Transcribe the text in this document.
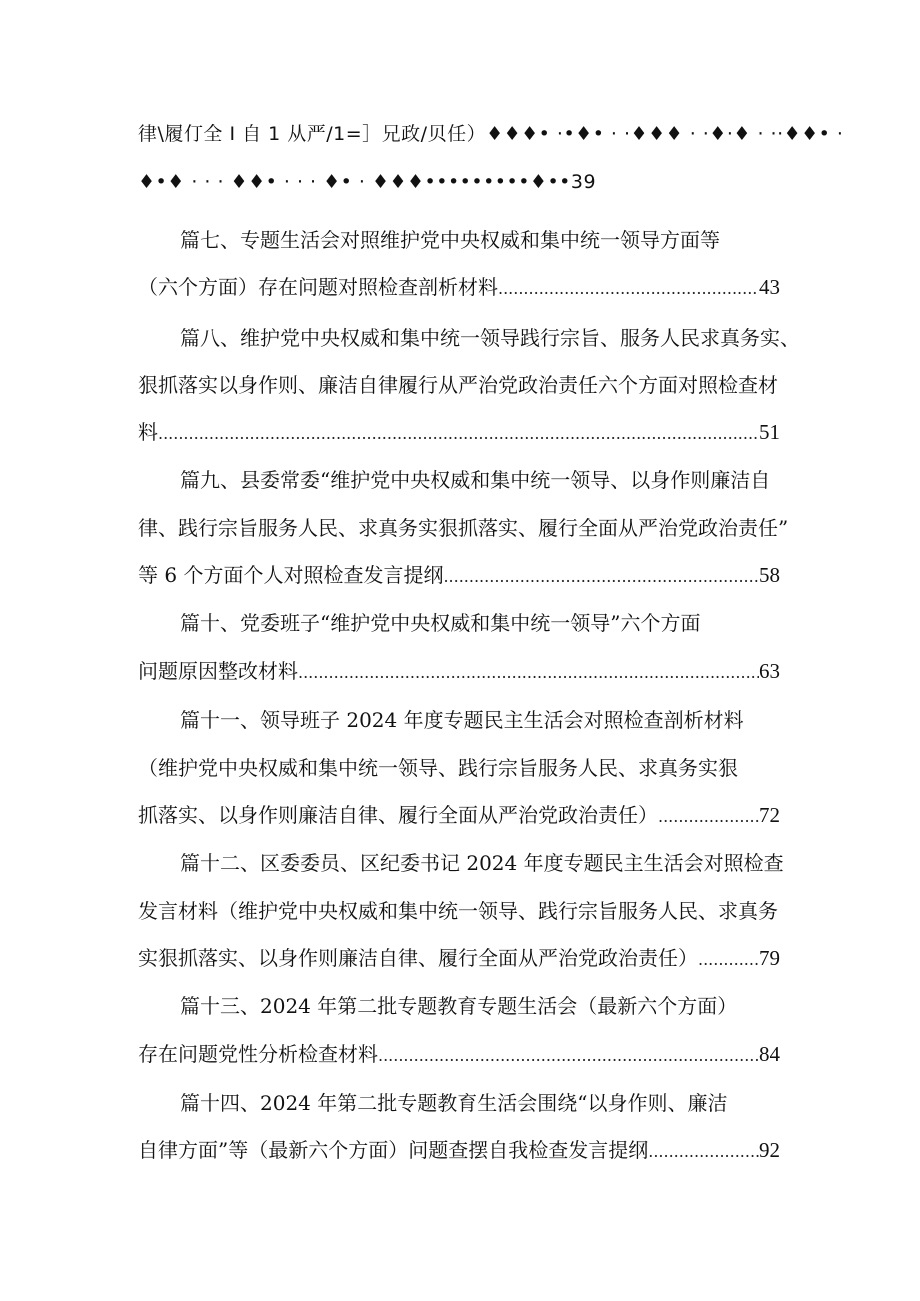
律\履仃全 I 自 1 从严/1=］兄政/贝任）♦♦♦• ·•♦• · ·♦♦♦ · ·♦·♦ · ··♦♦• ·
♦•♦ · · · ♦♦• · · · ♦• · ♦♦♦•••••••••♦••39
篇七、专题生活会对照维护党中央权威和集中统一领导方面等
（六个方面）存在问题对照检查剖析材料 .....	43
篇八、维护党中央权威和集中统一领导践行宗旨、服务人民求真务实、
狠抓落实以身作则、廉洁自律履行从严治党政治责任六个方面对照检查材
料 .....	51
篇九、县委常委“维护党中央权威和集中统一领导、以身作则廉洁自
律、践行宗旨服务人民、求真务实狠抓落实、履行全面从严治党政治责任”
等 6 个方面个人对照检查发言提纲 .....	58
篇十、党委班子“维护党中央权威和集中统一领导”六个方面
问题原因整改材料 .....	63
篇十一、领导班子 2024 年度专题民主生活会对照检查剖析材料
（维护党中央权威和集中统一领导、践行宗旨服务人民、求真务实狠
抓落实、以身作则廉洁自律、履行全面从严治党政治责任） .....	72
篇十二、区委委员、区纪委书记 2024 年度专题民主生活会对照检查
发言材料（维护党中央权威和集中统一领导、践行宗旨服务人民、求真务
实狠抓落实、以身作则廉洁自律、履行全面从严治党政治责任） .....	79
篇十三、2024 年第二批专题教育专题生活会（最新六个方面）
存在问题党性分析检查材料 .....	84
篇十四、2024 年第二批专题教育生活会围绕“以身作则、廉洁
自律方面”等（最新六个方面）问题查摆自我检查发言提纲 .....	92
